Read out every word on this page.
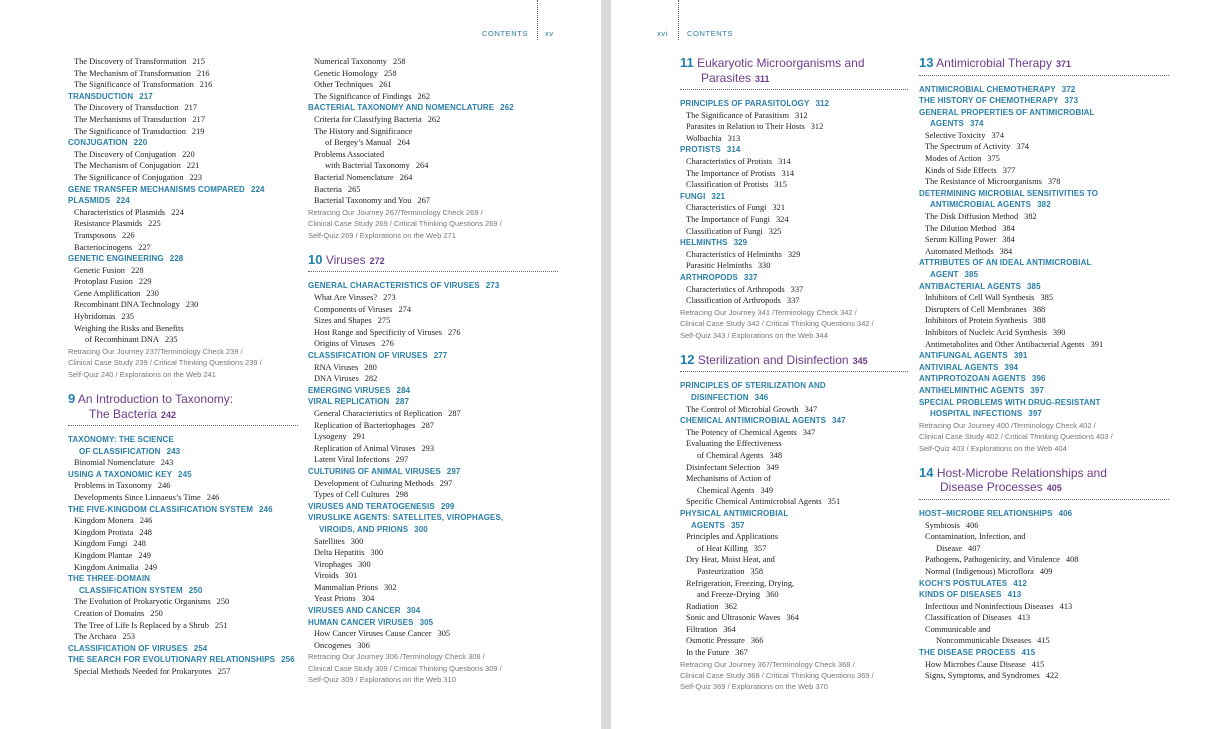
CONTENTS xv
The Discovery of Transformation 215
The Mechanism of Transformation 216
The Significance of Transformation 216
TRANSDUCTION 217
The Discovery of Transduction 217
The Mechanisms of Transduction 217
The Significance of Transduction 219
CONJUGATION 220
The Discovery of Conjugation 220
The Mechanism of Conjugation 221
The Significance of Conjugation 223
GENE TRANSFER MECHANISMS COMPARED 224
PLASMIDS 224
Characteristics of Plasmids 224
Resistance Plasmids 225
Transposons 226
Bacteriocinogens 227
GENETIC ENGINEERING 228
Genetic Fusion 228
Protoplast Fusion 229
Gene Amplification 230
Recombinant DNA Technology 230
Hybridomas 235
Weighing the Risks and Benefits
of Recombinant DNA 235
Retracing Our Journey 237/Terminology Check 239 /
Clinical Case Study 239 / Critical Thinking Questions 239 /
Self-Quiz 240 / Explorations on the Web 241
9 An Introduction to Taxonomy:
The Bacteria 242
TAXONOMY: THE SCIENCE
OF CLASSIFICATION 243
Binomial Nomenclature 243
USING A TAXONOMIC KEY 245
Problems in Taxonomy 246
Developments Since Linnaeus’s Time 246
THE FIVE-KINGDOM CLASSIFICATION SYSTEM 246
Kingdom Monera 246
Kingdom Protista 248
Kingdom Fungi 248
Kingdom Plantae 249
Kingdom Animalia 249
THE THREE-DOMAIN
CLASSIFICATION SYSTEM 250
The Evolution of Prokaryotic Organisms 250
Creation of Domains 250
The Tree of Life Is Replaced by a Shrub 251
The Archaea 253
CLASSIFICATION OF VIRUSES 254
THE SEARCH FOR EVOLUTIONARY RELATIONSHIPS 256
Special Methods Needed for Prokaryotes 257
Numerical Taxonomy 258
Genetic Homology 258
Other Techniques 261
The Significance of Findings 262
BACTERIAL TAXONOMY AND NOMENCLATURE 262
Criteria for Classifying Bacteria 262
The History and Significance
of Bergey’s Manual 264
Problems Associated
with Bacterial Taxonomy 264
Bacterial Nomenclature 264
Bacteria 265
Bacterial Taxonomy and You 267
Retracing Our Journey 267/Terminology Check 269 /
Clinical Case Study 269 / Critical Thinking Questions 269 /
Self-Quiz 269 / Explorations on the Web 271
10 Viruses 272
GENERAL CHARACTERISTICS OF VIRUSES 273
What Are Viruses? 273
Components of Viruses 274
Sizes and Shapes 275
Host Range and Specificity of Viruses 276
Origins of Viruses 276
CLASSIFICATION OF VIRUSES 277
RNA Viruses 280
DNA Viruses 282
EMERGING VIRUSES 284
VIRAL REPLICATION 287
General Characteristics of Replication 287
Replication of Bacteriophages 287
Lysogeny 291
Replication of Animal Viruses 293
Latent Viral Infections 297
CULTURING OF ANIMAL VIRUSES 297
Development of Culturing Methods 297
Types of Cell Cultures 298
VIRUSES AND TERATOGENESIS 299
VIRUSLIKE AGENTS: SATELLITES, VIROPHAGES,
VIROIDS, AND PRIONS 300
Satellites 300
Delta Hepatitis 300
Virophages 300
Viroids 301
Mammalian Prions 302
Yeast Prions 304
VIRUSES AND CANCER 304
HUMAN CANCER VIRUSES 305
How Cancer Viruses Cause Cancer 305
Oncogenes 306
Retracing Our Journey 306 /Terminology Check 308 /
Clinical Case Study 309 / Critical Thinking Questions 309 /
Self-Quiz 309 / Explorations on the Web 310
xvi	CONTENTS
11 Eukaryotic Microorganisms and
Parasites 311
PRINCIPLES OF PARASITOLOGY 312
The Significance of Parasitism 312
Parasites in Relation to Their Hosts 312
Wolbachia 313
PROTISTS 314
Characteristics of Protists 314
The Importance of Protists 314
Classification of Protists 315
FUNGI 321
Characteristics of Fungi 321
The Importance of Fungi 324
Classification of Fungi 325
HELMINTHS 329
Characteristics of Helminths 329
Parasitic Helminths 330
ARTHROPODS 337
Characteristics of Arthropods 337
Classification of Arthropods 337
Retracing Our Journey 341 /Terminology Check 342 /
Clinical Case Study 342 / Critical Thinking Questions 342 /
Self-Quiz 343 / Explorations on the Web 344
12 Sterilization and Disinfection 345
PRINCIPLES OF STERILIZATION AND
DISINFECTION 346
The Control of Microbial Growth 347
CHEMICAL ANTIMICROBIAL AGENTS 347
The Potency of Chemical Agents 347
Evaluating the Effectiveness
of Chemical Agents 348
Disinfectant Selection 349
Mechanisms of Action of
Chemical Agents 349
Specific Chemical Antimicrobial Agents 351
PHYSICAL ANTIMICROBIAL
AGENTS 357
Principles and Applications
of Heat Killing 357
Dry Heat, Moist Heat, and
Pasteurization 358
Refrigeration, Freezing, Drying,
and Freeze-Drying 360
Radiation 362
Sonic and Ultrasonic Waves 364
Filtration 364
Osmotic Pressure 366
In the Future 367
Retracing Our Journey 367/Terminology Check 368 /
Clinical Case Study 368 / Critical Thinking Questions 369 /
Self-Quiz 369 / Explorations on the Web 370
13 Antimicrobial Therapy 371
ANTIMICROBIAL CHEMOTHERAPY 372
THE HISTORY OF CHEMOTHERAPY 373
GENERAL PROPERTIES OF ANTIMICROBIAL
AGENTS 374
Selective Toxicity 374
The Spectrum of Activity 374
Modes of Action 375
Kinds of Side Effects 377
The Resistance of Microorganisms 378
DETERMINING MICROBIAL SENSITIVITIES TO
ANTIMICROBIAL AGENTS 382
The Disk Diffusion Method 382
The Dilution Method 384
Serum Killing Power 384
Automated Methods 384
ATTRIBUTES OF AN IDEAL ANTIMICROBIAL
AGENT 385
ANTIBACTERIAL AGENTS 385
Inhibitors of Cell Wall Synthesis 385
Disrupters of Cell Membranes 388
Inhibitors of Protein Synthesis 388
Inhibitors of Nucleic Acid Synthesis 390
Antimetabolites and Other Antibacterial Agents 391
ANTIFUNGAL AGENTS 391
ANTIVIRAL AGENTS 394
ANTIPROTOZOAN AGENTS 396
ANTIHELMINTHIC AGENTS 397
SPECIAL PROBLEMS WITH DRUG-RESISTANT
HOSPITAL INFECTIONS 397
Retracing Our Journey 400 /Terminology Check 402 /
Clinical Case Study 402 / Critical Thinking Questions 403 /
Self-Quiz 403 / Explorations on the Web 404
14 Host-Microbe Relationships and
Disease Processes 405
HOST–MICROBE RELATIONSHIPS 406
Symbiosis 406
Contamination, Infection, and
Disease 407
Pathogens, Pathogenicity, and Virulence 408
Normal (Indigenous) Microflora 409
KOCH’S POSTULATES 412
KINDS OF DISEASES 413
Infectious and Noninfectious Diseases 413
Classification of Diseases 413
Communicable and
Noncommunicable Diseases 415
THE DISEASE PROCESS 415
How Microbes Cause Disease 415
Signs, Symptoms, and Syndromes 422
